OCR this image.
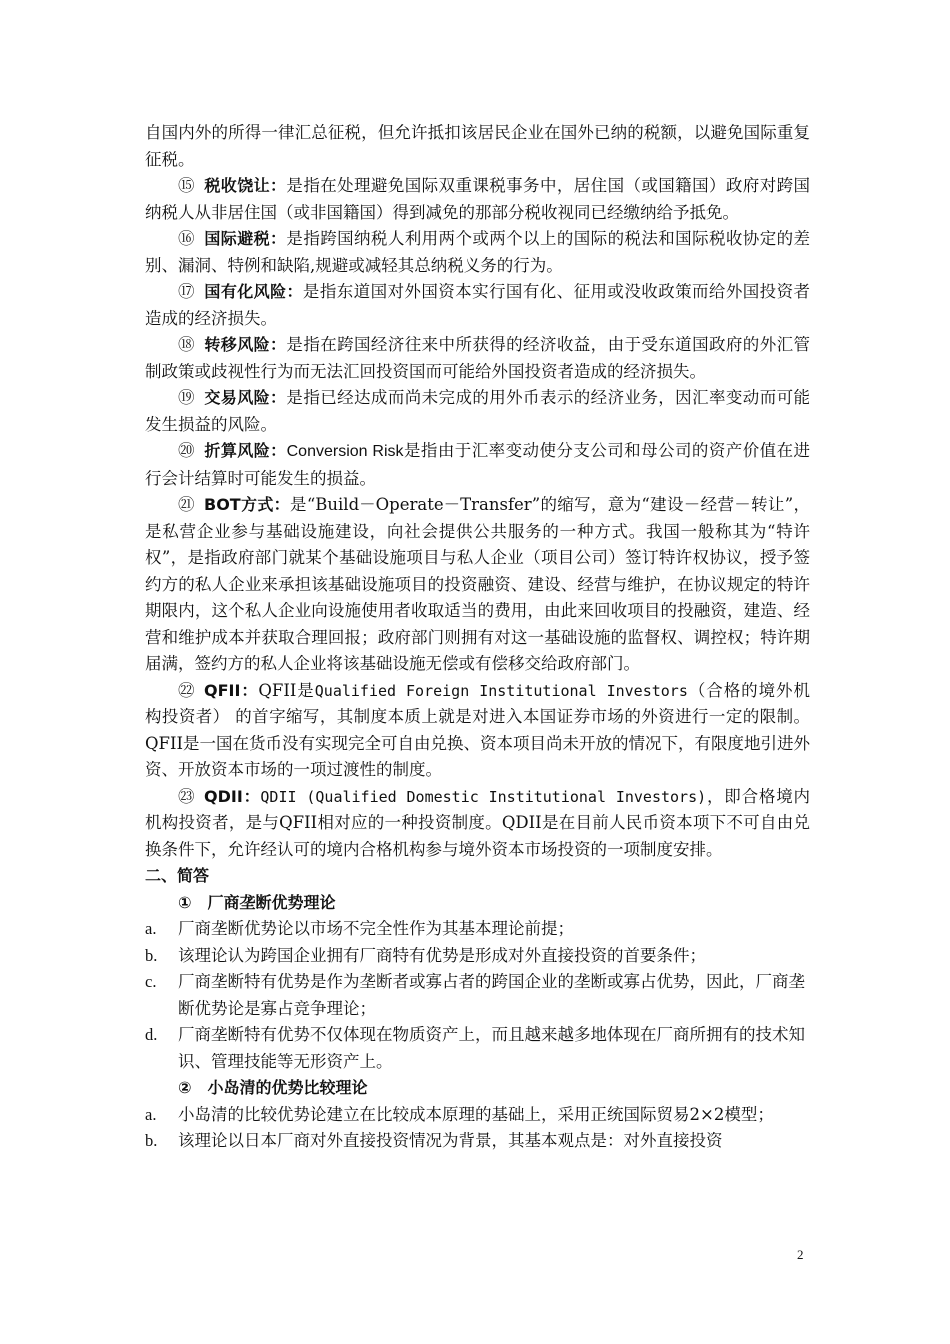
自国内外的所得一律汇总征税，但允许抵扣该居民企业在国外已纳的税额，以避免国际重复征税。

⑮ 税收饶让：是指在处理避免国际双重课税事务中，居住国（或国籍国）政府对跨国纳税人从非居住国（或非国籍国）得到减免的那部分税收视同已经缴纳给予抵免。

⑯ 国际避税：是指跨国纳税人利用两个或两个以上的国际的税法和国际税收协定的差别、漏洞、特例和缺陷,规避或减轻其总纳税义务的行为。

⑰ 国有化风险：是指东道国对外国资本实行国有化、征用或没收政策而给外国投资者造成的经济损失。

⑱ 转移风险：是指在跨国经济往来中所获得的经济收益，由于受东道国政府的外汇管制政策或歧视性行为而无法汇回投资国而可能给外国投资者造成的经济损失。

⑲ 交易风险：是指已经达成而尚未完成的用外币表示的经济业务，因汇率变动而可能发生损益的风险。

⑳ 折算风险：Conversion Risk是指由于汇率变动使分支公司和母公司的资产价值在进行会计结算时可能发生的损益。

㉑ BOT方式：是“Build－Operate－Transfer”的缩写，意为“建设－经营－转让”，是私营企业参与基础设施建设，向社会提供公共服务的一种方式。我国一般称其为“特许权”，是指政府部门就某个基础设施项目与私人企业（项目公司）签订特许权协议，授予签约方的私人企业来承担该基础设施项目的投资融资、建设、经营与维护，在协议规定的特许期限内，这个私人企业向设施使用者收取适当的费用，由此来回收项目的投融资，建造、经营和维护成本并获取合理回报；政府部门则拥有对这一基础设施的监督权、调控权；特许期届满，签约方的私人企业将该基础设施无偿或有偿移交给政府部门。

㉒ QFII：QFII是Qualified Foreign Institutional Investors（合格的境外机构投资者） 的首字缩写，其制度本质上就是对进入本国证券市场的外资进行一定的限制。QFII是一国在货币没有实现完全可自由兑换、资本项目尚未开放的情况下，有限度地引进外资、开放资本市场的一项过渡性的制度。

㉓ QDII：QDII (Qualified Domestic Institutional Investors)，即合格境内机构投资者，是与QFII相对应的一种投资制度。QDII是在目前人民币资本项下不可自由兑换条件下，允许经认可的境内合格机构参与境外资本市场投资的一项制度安排。

二、简答

①　厂商垄断优势理论

a.	厂商垄断优势论以市场不完全性作为其基本理论前提；
b.	该理论认为跨国企业拥有厂商特有优势是形成对外直接投资的首要条件；
c.	厂商垄断特有优势是作为垄断者或寡占者的跨国企业的垄断或寡占优势，因此，厂商垄断优势论是寡占竞争理论；
d.	厂商垄断特有优势不仅体现在物质资产上，而且越来越多地体现在厂商所拥有的技术知识、管理技能等无形资产上。

②　小岛清的优势比较理论

a.	小岛清的比较优势论建立在比较成本原理的基础上，采用正统国际贸易2×2模型；
b.	该理论以日本厂商对外直接投资情况为背景，其基本观点是：对外直接投资
2
